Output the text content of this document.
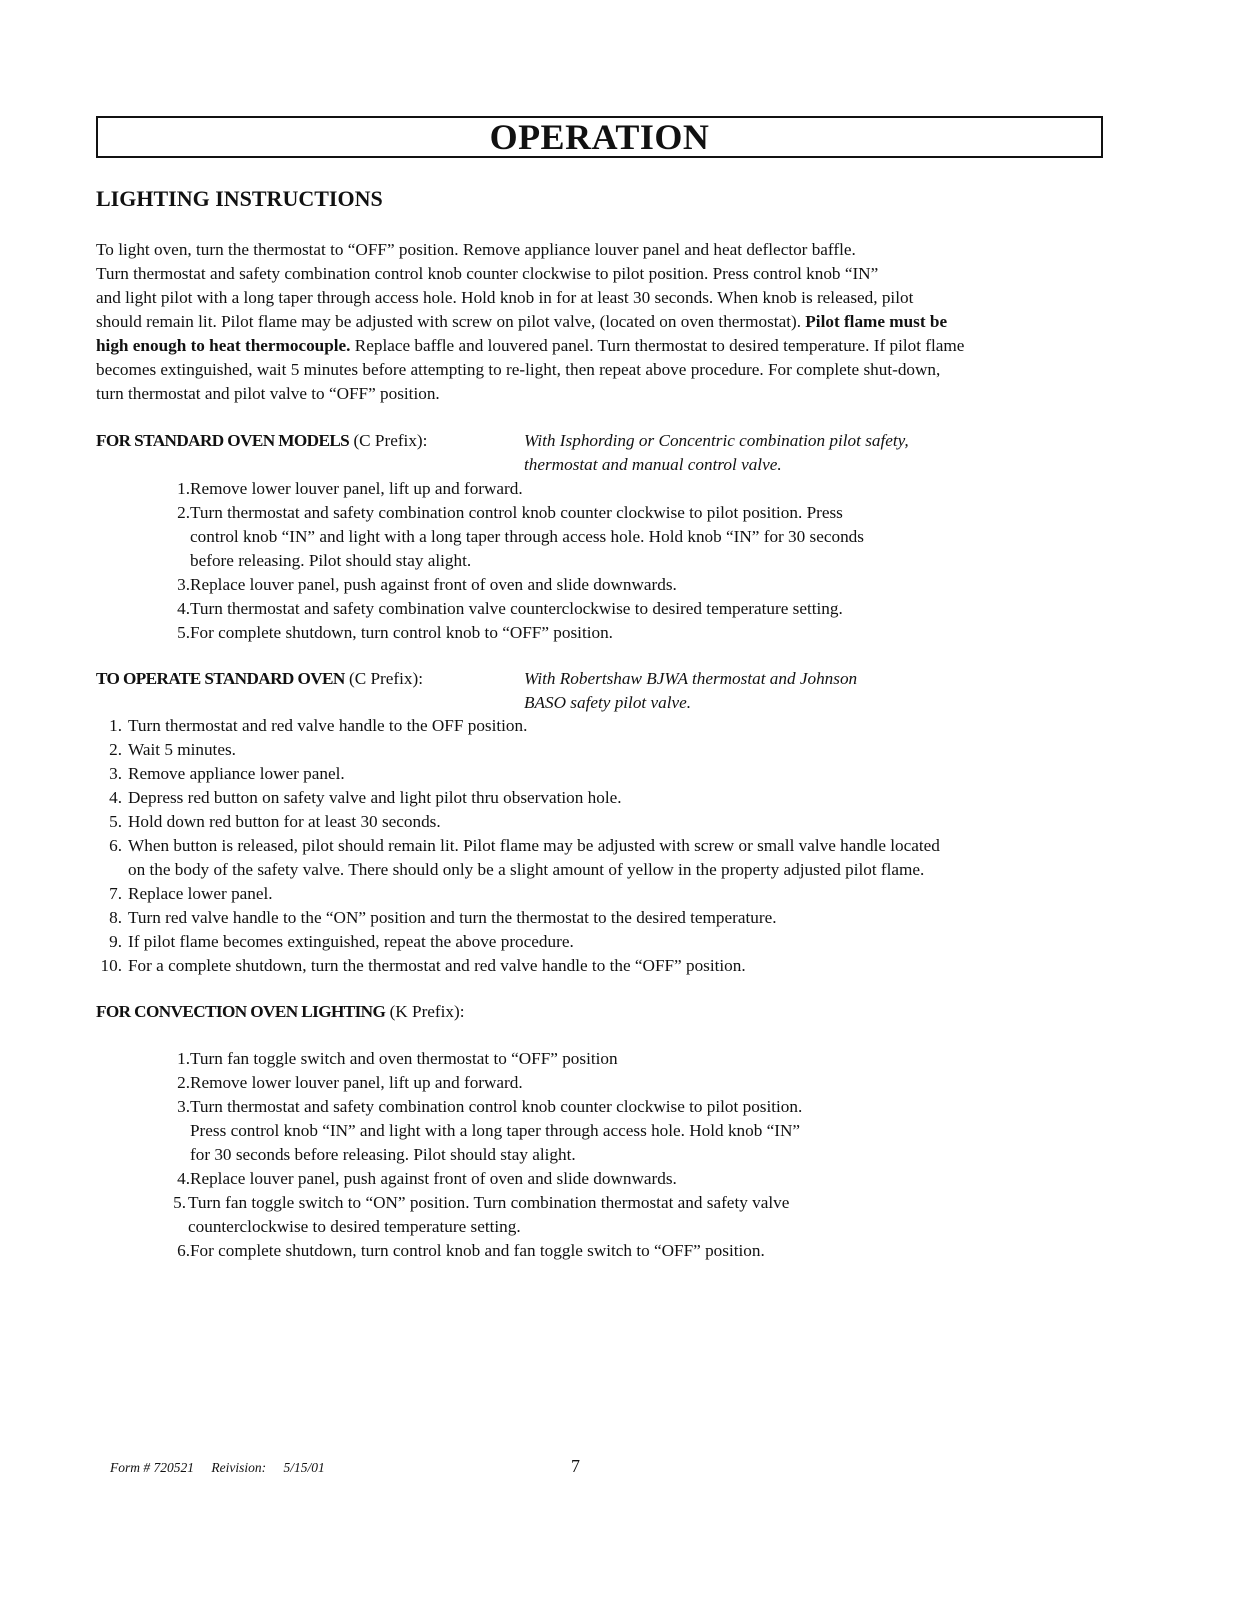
OPERATION
LIGHTING INSTRUCTIONS
To light oven, turn the thermostat to “OFF” position. Remove appliance louver panel and heat deflector baffle.
Turn thermostat and safety combination control knob counter clockwise to pilot position. Press control knob “IN”
and light pilot with a long taper through access hole. Hold knob in for at least 30 seconds. When knob is released, pilot
should remain lit. Pilot flame may be adjusted with screw on pilot valve, (located on oven thermostat). Pilot flame must be
high enough to heat thermocouple. Replace baffle and louvered panel. Turn thermostat to desired temperature. If pilot flame
becomes extinguished, wait 5 minutes before attempting to re-light, then repeat above procedure. For complete shut-down,
turn thermostat and pilot valve to “OFF” position.
FOR STANDARD OVEN MODELS (C Prefix):	With Isphording or Concentric combination pilot safety,
thermostat and manual control valve.
1. Remove lower louver panel, lift up and forward.
2. Turn thermostat and safety combination control knob counter clockwise to pilot position. Press
control knob “IN” and light with a long taper through access hole. Hold knob “IN” for 30 seconds
before releasing. Pilot should stay alight.
3. Replace louver panel, push against front of oven and slide downwards.
4. Turn thermostat and safety combination valve counterclockwise to desired temperature setting.
5. For complete shutdown, turn control knob to “OFF” position.
TO OPERATE STANDARD OVEN (C Prefix):	With Robertshaw BJWA thermostat and Johnson
BASO safety pilot valve.
1. Turn thermostat and red valve handle to the OFF position.
2. Wait 5 minutes.
3. Remove appliance lower panel.
4. Depress red button on safety valve and light pilot thru observation hole.
5. Hold down red button for at least 30 seconds.
6. When button is released, pilot should remain lit. Pilot flame may be adjusted with screw or small valve handle located
on the body of the safety valve. There should only be a slight amount of yellow in the property adjusted pilot flame.
7. Replace lower panel.
8. Turn red valve handle to the “ON” position and turn the thermostat to the desired temperature.
9. If pilot flame becomes extinguished, repeat the above procedure.
10. For a complete shutdown, turn the thermostat and red valve handle to the “OFF” position.
FOR CONVECTION OVEN LIGHTING (K Prefix):
1. Turn fan toggle switch and oven thermostat to “OFF” position
2. Remove lower louver panel, lift up and forward.
3. Turn thermostat and safety combination control knob counter clockwise to pilot position.
Press control knob “IN” and light with a long taper through access hole. Hold knob “IN”
for 30 seconds before releasing. Pilot should stay alight.
4. Replace louver panel, push against front of oven and slide downwards.
5. Turn fan toggle switch to “ON” position. Turn combination thermostat and safety valve
counterclockwise to desired temperature setting.
6. For complete shutdown, turn control knob and fan toggle switch to “OFF” position.
Form # 720521 Reivision: 5/15/01	7
